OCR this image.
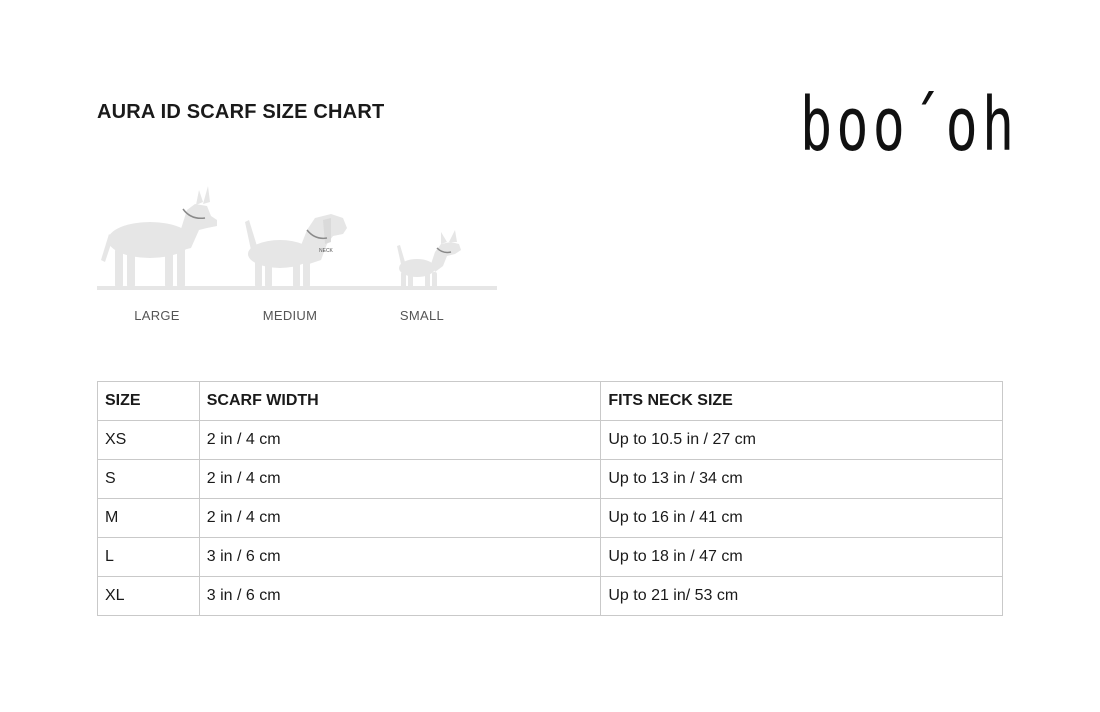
AURA ID SCARF SIZE CHART	boo´oh
NECK
LARGE	MEDIUM	SMALL
SIZE	SCARF WIDTH	FITS NECK SIZE
XS	2 in / 4 cm	Up to 10.5 in / 27 cm
S	2 in / 4 cm	Up to 13 in / 34 cm
M	2 in / 4 cm	Up to 16 in / 41 cm
L	3 in / 6 cm	Up to 18 in / 47 cm
XL	3 in / 6 cm	Up to 21 in/ 53 cm
